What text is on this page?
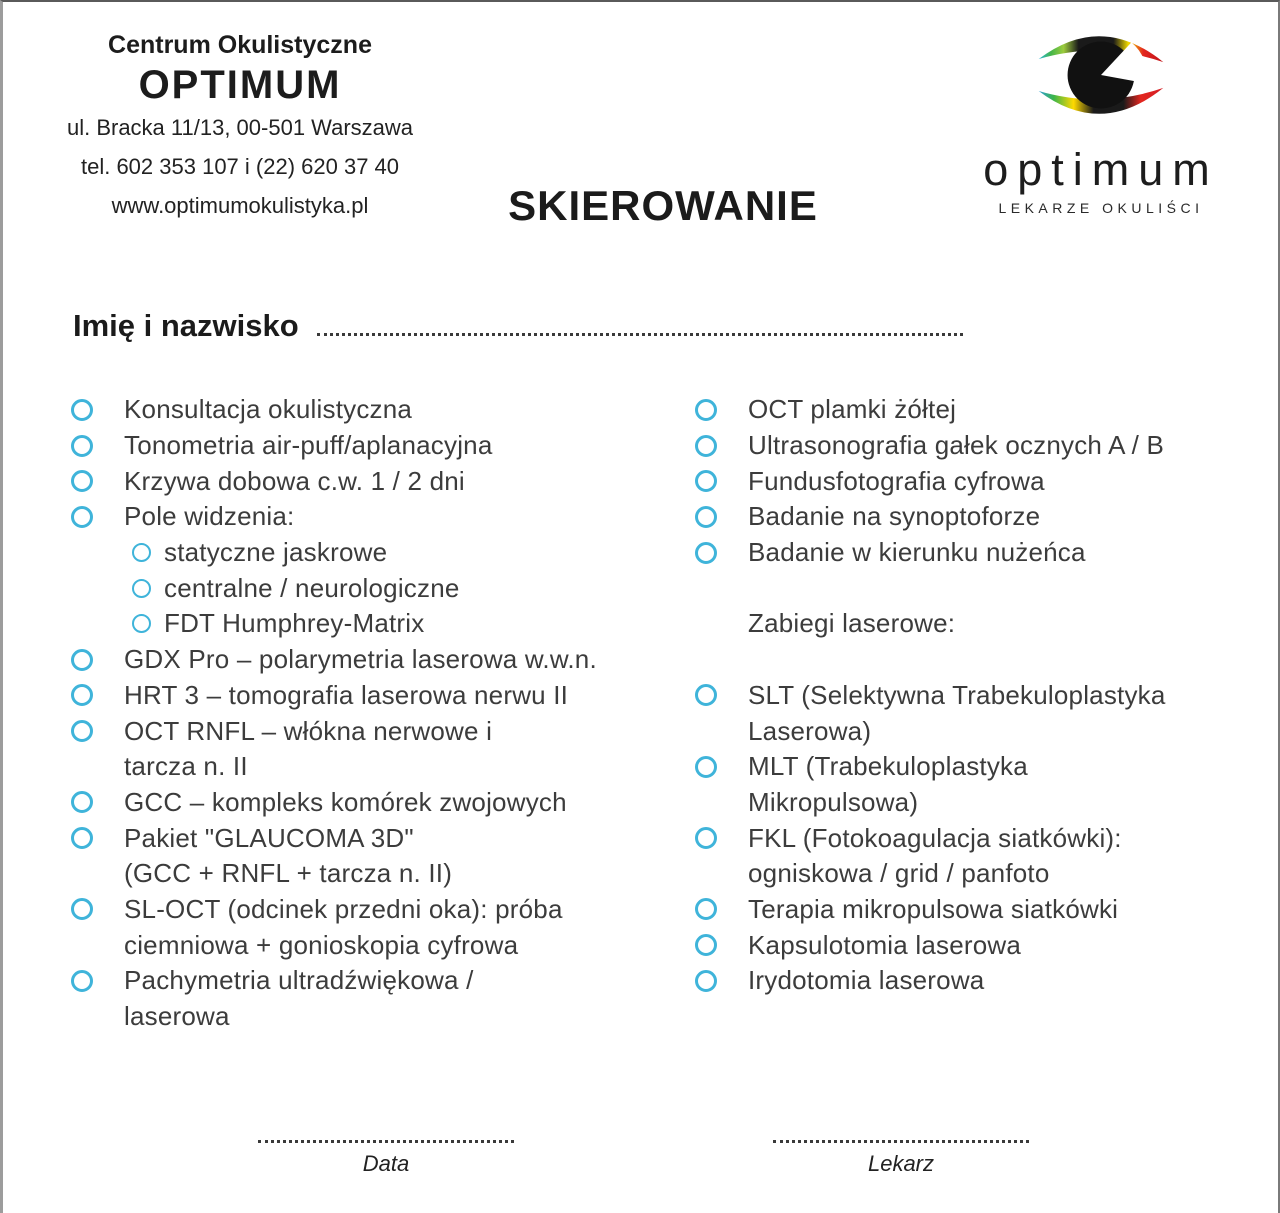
Centrum Okulistyczne
OPTIMUM
ul. Bracka 11/13, 00-501 Warszawa
tel. 602 353 107 i (22) 620 37 40
www.optimumokulistyka.pl	SKIEROWANIE
optimum
LEKARZE OKULIŚCI
Imię i nazwisko
Konsultacja okulistyczna
Tonometria air-puff/aplanacyjna
Krzywa dobowa c.w. 1 / 2 dni
Pole widzenia:
statyczne jaskrowe
centralne / neurologiczne
FDT Humphrey-Matrix
GDX Pro – polarymetria laserowa w.w.n.
HRT 3 – tomografia laserowa nerwu II
OCT RNFL – włókna nerwowe i
tarcza n. II
GCC – kompleks komórek zwojowych
Pakiet "GLAUCOMA 3D"
(GCC + RNFL + tarcza n. II)
SL-OCT (odcinek przedni oka): próba
ciemniowa + gonioskopia cyfrowa
Pachymetria ultradźwiękowa /
laserowa
OCT plamki żółtej
Ultrasonografia gałek ocznych A / B
Fundusfotografia cyfrowa
Badanie na synoptoforze
Badanie w kierunku nużeńca
Zabiegi laserowe:
SLT (Selektywna Trabekuloplastyka
Laserowa)
MLT (Trabekuloplastyka
Mikropulsowa)
FKL (Fotokoagulacja siatkówki):
ogniskowa / grid / panfoto
Terapia mikropulsowa siatkówki
Kapsulotomia laserowa
Irydotomia laserowa
Data	Lekarz
